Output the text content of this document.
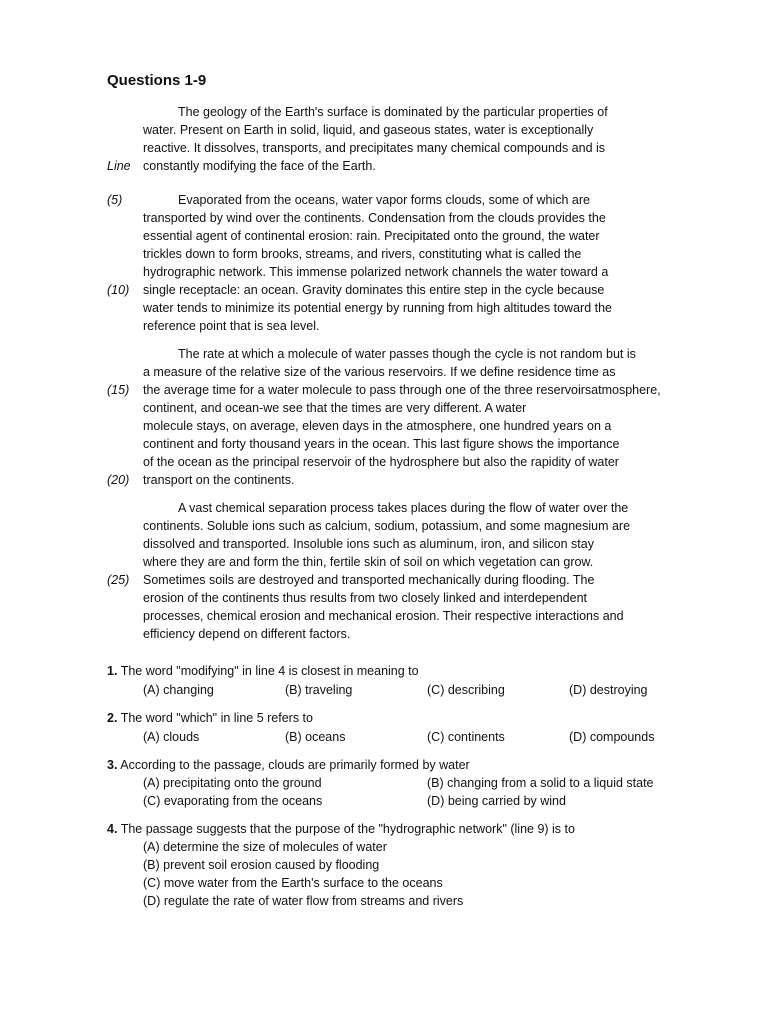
Questions 1-9
The geology of the Earth's surface is dominated by the particular properties of
water. Present on Earth in solid, liquid, and gaseous states, water is exceptionally
reactive. It dissolves, transports, and precipitates many chemical compounds and is
Line constantly modifying the face of the Earth.
(5)	Evaporated from the oceans, water vapor forms clouds, some of which are
transported by wind over the continents. Condensation from the clouds provides the
essential agent of continental erosion: rain. Precipitated onto the ground, the water
trickles down to form brooks, streams, and rivers, constituting what is called the
hydrographic network. This immense polarized network channels the water toward a
(10) single receptacle: an ocean. Gravity dominates this entire step in the cycle because
water tends to minimize its potential energy by running from high altitudes toward the
reference point that is sea level.
The rate at which a molecule of water passes though the cycle is not random but is
a measure of the relative size of the various reservoirs. If we define residence time as
(15) the average time for a water molecule to pass through one of the three reservoirsatmosphere,
continent, and ocean-we see that the times are very different. A water
molecule stays, on average, eleven days in the atmosphere, one hundred years on a
continent and forty thousand years in the ocean. This last figure shows the importance
of the ocean as the principal reservoir of the hydrosphere but also the rapidity of water
(20) transport on the continents.
A vast chemical separation process takes places during the flow of water over the
continents. Soluble ions such as calcium, sodium, potassium, and some magnesium are
dissolved and transported. Insoluble ions such as aluminum, iron, and silicon stay
where they are and form the thin, fertile skin of soil on which vegetation can grow.
(25) Sometimes soils are destroyed and transported mechanically during flooding. The
erosion of the continents thus results from two closely linked and interdependent
processes, chemical erosion and mechanical erosion. Their respective interactions and
efficiency depend on different factors.
1. The word "modifying" in line 4 is closest in meaning to
(A) changing	(B) traveling	(C) describing	(D) destroying
2. The word "which" in line 5 refers to
(A) clouds	(B) oceans	(C) continents	(D) compounds
3. According to the passage, clouds are primarily formed by water
(A) precipitating onto the ground	(B) changing from a solid to a liquid state
(C) evaporating from the oceans	(D) being carried by wind
4. The passage suggests that the purpose of the "hydrographic network" (line 9) is to
(A) determine the size of molecules of water
(B) prevent soil erosion caused by flooding
(C) move water from the Earth's surface to the oceans
(D) regulate the rate of water flow from streams and rivers
